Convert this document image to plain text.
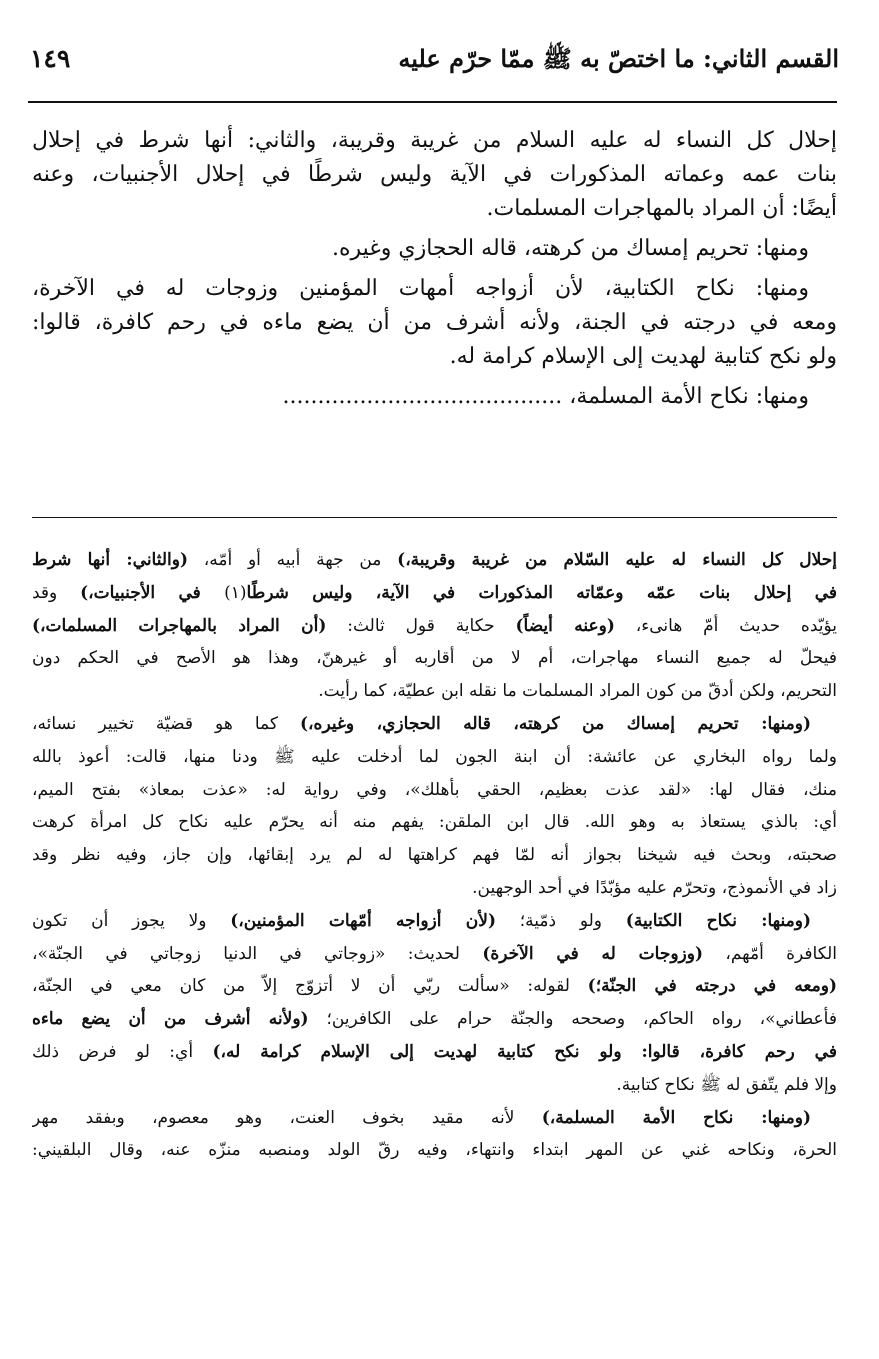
القسم الثاني: ما اختصّ به ﷺ ممّا حرّم عليه
١٤٩
إحلال كل النساء له عليه السلام من غريبة وقريبة، والثاني: أنها شرط في إحلال
بنات عمه وعماته المذكورات في الآية وليس شرطًا في إحلال الأجنبيات، وعنه
أيضًا: أن المراد بالمهاجرات المسلمات.
ومنها: تحريم إمساك من كرهته، قاله الحجازي وغيره.
ومنها: نكاح الكتابية، لأن أزواجه أمهات المؤمنين وزوجات له في الآخرة،
ومعه في درجته في الجنة، ولأنه أشرف من أن يضع ماءه في رحم كافرة، قالوا:
ولو نكح كتابية لهديت إلى الإسلام كرامة له.
ومنها: نكاح الأمة المسلمة، ........................................
إحلال كل النساء له عليه السّلام من غريبة وقريبة،) من جهة أبيه أو أمّه، (والثاني: أنها شرط
في إحلال بنات عمّه وعمّاته المذكورات في الآية، وليس شرطًا(١) في الأجنبيات،) وقد
يؤيّده حديث أمّ هانىء، (وعنه أيضاً) حكاية قول ثالث: (أن المراد بالمهاجرات المسلمات،)
فيحلّ له جميع النساء مهاجرات، أم لا من أقاربه أو غيرهنّ، وهذا هو الأصح في الحكم دون
التحريم، ولكن أدقّ من كون المراد المسلمات ما نقله ابن عطيّة، كما رأيت.
(ومنها: تحريم إمساك من كرهته، قاله الحجازي، وغيره،) كما هو قضيّة تخيير نسائه،
ولما رواه البخاري عن عائشة: أن ابنة الجون لما أدخلت عليه ﷺ ودنا منها، قالت: أعوذ بالله
منك، فقال لها: «لقد عذت بعظيم، الحقي بأهلك»، وفي رواية له: «عذت بمعاذ» بفتح الميم،
أي: بالذي يستعاذ به وهو الله. قال ابن الملقن: يفهم منه أنه يحرّم عليه نكاح كل امرأة كرهت
صحبته، وبحث فيه شيخنا بجواز أنه لمّا فهم كراهتها له لم يرد إبقائها، وإن جاز، وفيه نظر وقد
زاد في الأنموذج، وتحرّم عليه مؤبّدًا في أحد الوجهين.
(ومنها: نكاح الكتابية) ولو ذمّية؛ (لأن أزواجه أمّهات المؤمنين،) ولا يجوز أن تكون
الكافرة أمّهم، (وزوجات له في الآخرة) لحديث: «زوجاتي في الدنيا زوجاتي في الجنّة»،
(ومعه في درجته في الجنّة؛) لقوله: «سألت ربّي أن لا أتزوّج إلاّ من كان معي في الجنّة،
فأعطاني»، رواه الحاكم، وصححه والجنّة حرام على الكافرين؛ (ولأنه أشرف من أن يضع ماءه
في رحم كافرة، قالوا: ولو نكح كتابية لهديت إلى الإسلام كرامة له،) أي: لو فرض ذلك
وإلا فلم يتّفق له ﷺ نكاح كتابية.
(ومنها: نكاح الأمة المسلمة،) لأنه مقيد بخوف العنت، وهو معصوم، وبفقد مهر
الحرة، ونكاحه غني عن المهر ابتداء وانتهاء، وفيه رقّ الولد ومنصبه منزّه عنه، وقال البلقيني:
